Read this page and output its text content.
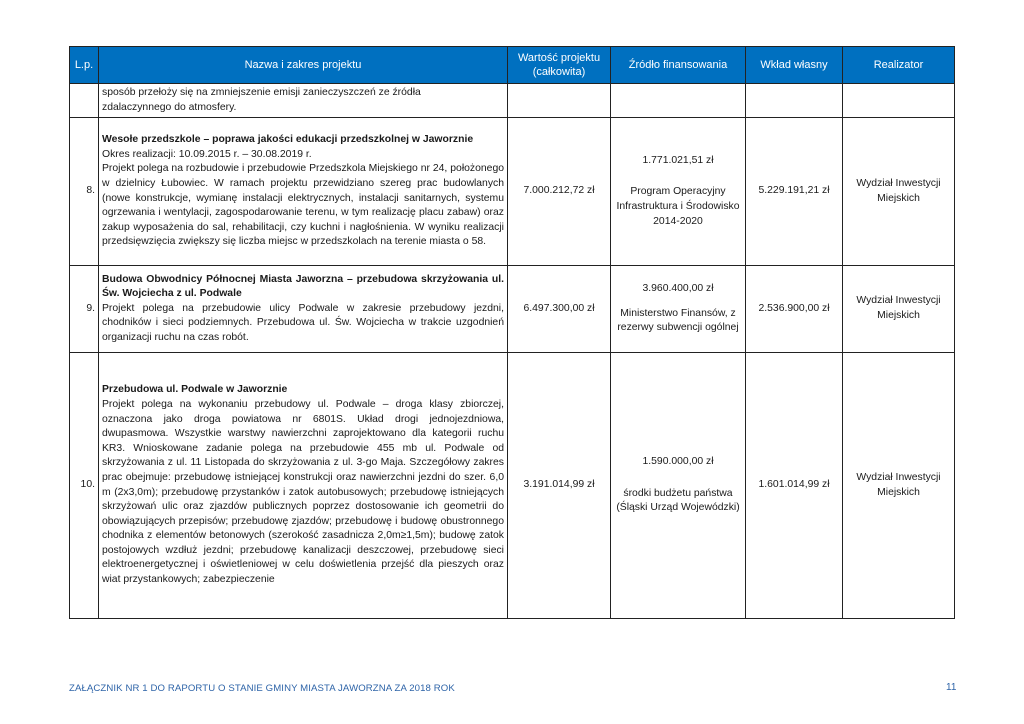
L.p.	Nazwa i zakres projektu	Wartość projektu (całkowita)	Źródło finansowania	Wkład własny	Realizator

	sposób przełoży się na zmniejszenie emisji zanieczyszczeń ze źródła
zdalaczynnego do atmosfery.				

8.	Wesołe przedszkole – poprawa jakości edukacji przedszkolnej w Jaworznie
Okres realizacji: 10.09.2015 r. – 30.08.2019 r.
Projekt polega na rozbudowie i przebudowie Przedszkola Miejskiego nr 24, położonego w dzielnicy Łubowiec. W ramach projektu przewidziano szereg prac budowlanych (nowe konstrukcje, wymianę instalacji elektrycznych, instalacji sanitarnych, systemu ogrzewania i wentylacji, zagospodarowanie terenu, w tym realizację placu zabaw) oraz zakup wyposażenia do sal, rehabilitacji, czy kuchni i nagłośnienia. W wyniku realizacji przedsięwzięcia zwiększy się liczba miejsc w przedszkolach na terenie miasta o 58.	7.000.212,72 zł	1.771.021,51 zł
Program Operacyjny Infrastruktura i Środowisko 2014-2020	5.229.191,21 zł	Wydział Inwestycji Miejskich
9.	Budowa Obwodnicy Północnej Miasta Jaworzna – przebudowa skrzyżowania ul. Św. Wojciecha z ul. Podwale
Projekt polega na przebudowie ulicy Podwale w zakresie przebudowy jezdni, chodników i sieci podziemnych. Przebudowa ul. Św. Wojciecha w trakcie uzgodnień organizacji ruchu na czas robót.	6.497.300,00 zł	3.960.400,00 zł
Ministerstwo Finansów, z rezerwy subwencji ogólnej	2.536.900,00 zł	Wydział Inwestycji Miejskich
10.	Przebudowa ul. Podwale w Jaworznie
Projekt polega na wykonaniu przebudowy ul. Podwale – droga klasy zbiorczej, oznaczona jako droga powiatowa nr 6801S. Układ drogi jednojezdniowa, dwupasmowa. Wszystkie warstwy nawierzchni zaprojektowano dla kategorii ruchu KR3. Wnioskowane zadanie polega na przebudowie 455 mb ul. Podwale od skrzyżowania z ul. 11 Listopada do skrzyżowania z ul. 3-go Maja. Szczegółowy zakres prac obejmuje: przebudowę istniejącej konstrukcji oraz nawierzchni jezdni do szer. 6,0 m (2x3,0m); przebudowę przystanków i zatok autobusowych; przebudowę istniejących skrzyżowań ulic oraz zjazdów publicznych poprzez dostosowanie ich geometrii do obowiązujących przepisów; przebudowę zjazdów; przebudowę i budowę obustronnego chodnika z elementów betonowych (szerokość zasadnicza 2,0m≥1,5m); budowę zatok postojowych wzdłuż jezdni; przebudowę kanalizacji deszczowej, przebudowę sieci elektroenergetycznej i oświetleniowej w celu doświetlenia przejść dla pieszych oraz wiat przystankowych; zabezpieczenie	3.191.014,99 zł	1.590.000,00 zł
środki budżetu państwa (Śląski Urząd Wojewódzki)	1.601.014,99 zł	Wydział Inwestycji Miejskich
ZAŁĄCZNIK NR 1 DO RAPORTU O STANIE GMINY MIASTA JAWORZNA ZA 2018 ROK	11
